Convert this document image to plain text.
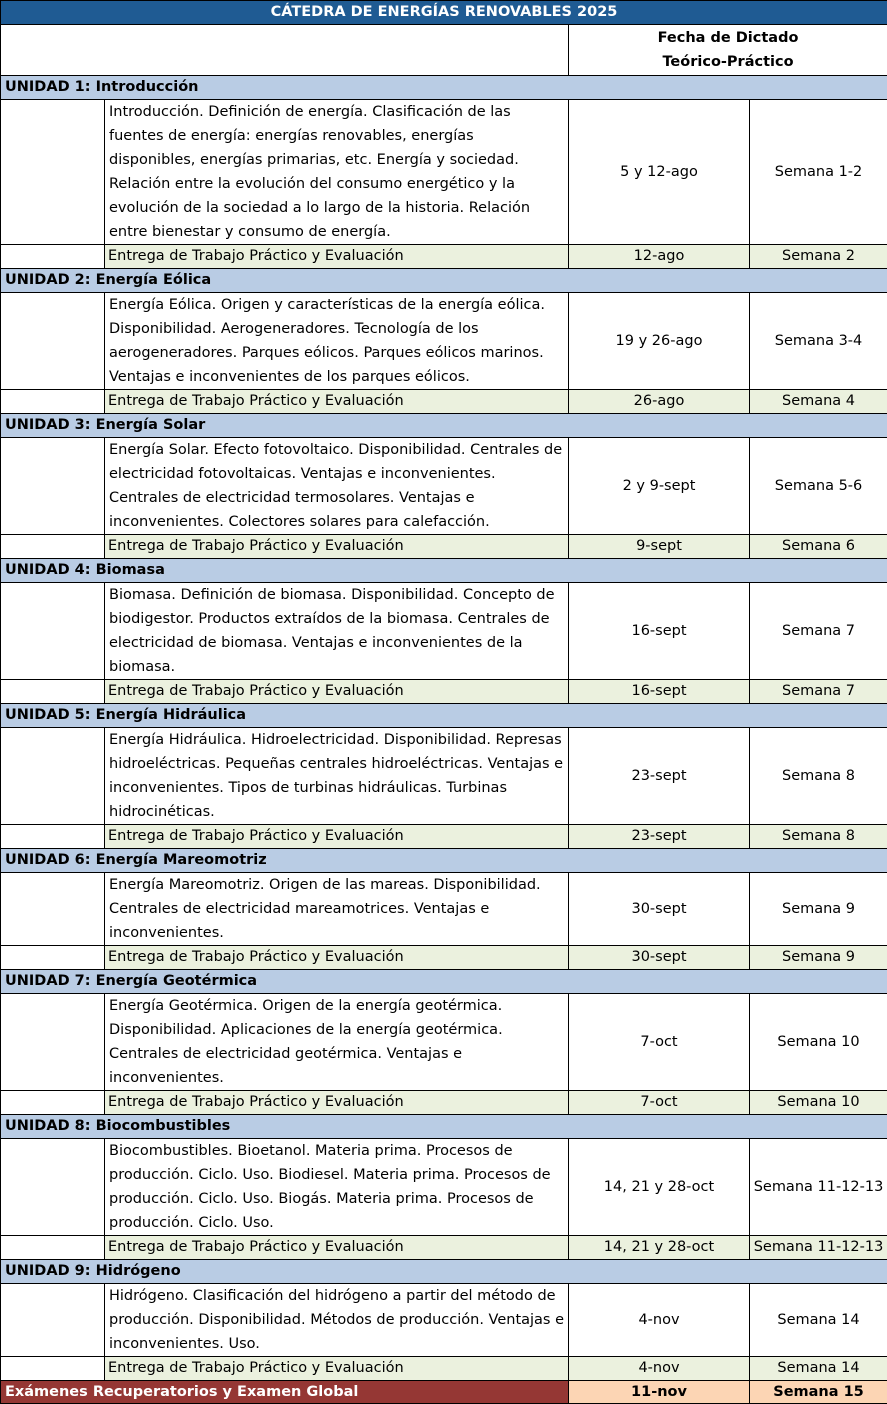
CÁTEDRA DE ENERGÍAS RENOVABLES 2025			

		Fecha de Dictado
Teórico-Práctico	

UNIDAD 1: Introducción			
	Introducción. Definición de energía. Clasificación de las fuentes de energía: energías renovables, energías disponibles, energías primarias, etc. Energía y sociedad. Relación entre la evolución del consumo energético y la evolución de la sociedad a lo largo de la historia. Relación entre bienestar y consumo de energía.	5 y 12-ago	Semana 1-2
	Entrega de Trabajo Práctico y Evaluación	12-ago	Semana 2
UNIDAD 2: Energía Eólica			
	Energía Eólica. Origen y características de la energía eólica. Disponibilidad. Aerogeneradores. Tecnología de los aerogeneradores. Parques eólicos. Parques eólicos marinos. Ventajas e inconvenientes de los parques eólicos.	19 y 26-ago	Semana 3-4
	Entrega de Trabajo Práctico y Evaluación	26-ago	Semana 4
UNIDAD 3: Energía Solar			
	Energía Solar. Efecto fotovoltaico. Disponibilidad. Centrales de electricidad fotovoltaicas. Ventajas e inconvenientes. Centrales de electricidad termosolares. Ventajas e inconvenientes. Colectores solares para calefacción.	2 y 9-sept	Semana 5-6
	Entrega de Trabajo Práctico y Evaluación	9-sept	Semana 6
UNIDAD 4: Biomasa			
	Biomasa. Definición de biomasa. Disponibilidad. Concepto de biodigestor. Productos extraídos de la biomasa. Centrales de electricidad de biomasa. Ventajas e inconvenientes de la biomasa.	16-sept	Semana 7
	Entrega de Trabajo Práctico y Evaluación	16-sept	Semana 7
UNIDAD 5: Energía Hidráulica			
	Energía Hidráulica. Hidroelectricidad. Disponibilidad. Represas hidroeléctricas. Pequeñas centrales hidroeléctricas. Ventajas e inconvenientes. Tipos de turbinas hidráulicas. Turbinas hidrocinéticas.	23-sept	Semana 8
	Entrega de Trabajo Práctico y Evaluación	23-sept	Semana 8
UNIDAD 6: Energía Mareomotriz			
	Energía Mareomotriz. Origen de las mareas. Disponibilidad. Centrales de electricidad mareamotrices. Ventajas e inconvenientes.	30-sept	Semana 9
	Entrega de Trabajo Práctico y Evaluación	30-sept	Semana 9
UNIDAD 7: Energía Geotérmica			
	Energía Geotérmica. Origen de la energía geotérmica. Disponibilidad. Aplicaciones de la energía geotérmica. Centrales de electricidad geotérmica. Ventajas e inconvenientes.	7-oct	Semana 10
	Entrega de Trabajo Práctico y Evaluación	7-oct	Semana 10
UNIDAD 8: Biocombustibles			
	Biocombustibles. Bioetanol. Materia prima. Procesos de producción. Ciclo. Uso. Biodiesel. Materia prima. Procesos de producción. Ciclo. Uso. Biogás. Materia prima. Procesos de producción. Ciclo. Uso.	14, 21 y 28-oct	Semana 11-12-13
	Entrega de Trabajo Práctico y Evaluación	14, 21 y 28-oct	Semana 11-12-13
UNIDAD 9: Hidrógeno			
	Hidrógeno. Clasificación del hidrógeno a partir del método de producción. Disponibilidad. Métodos de producción. Ventajas e inconvenientes. Uso.	4-nov	Semana 14
	Entrega de Trabajo Práctico y Evaluación	4-nov	Semana 14
Exámenes Recuperatorios y Examen Global		11-nov	Semana 15
